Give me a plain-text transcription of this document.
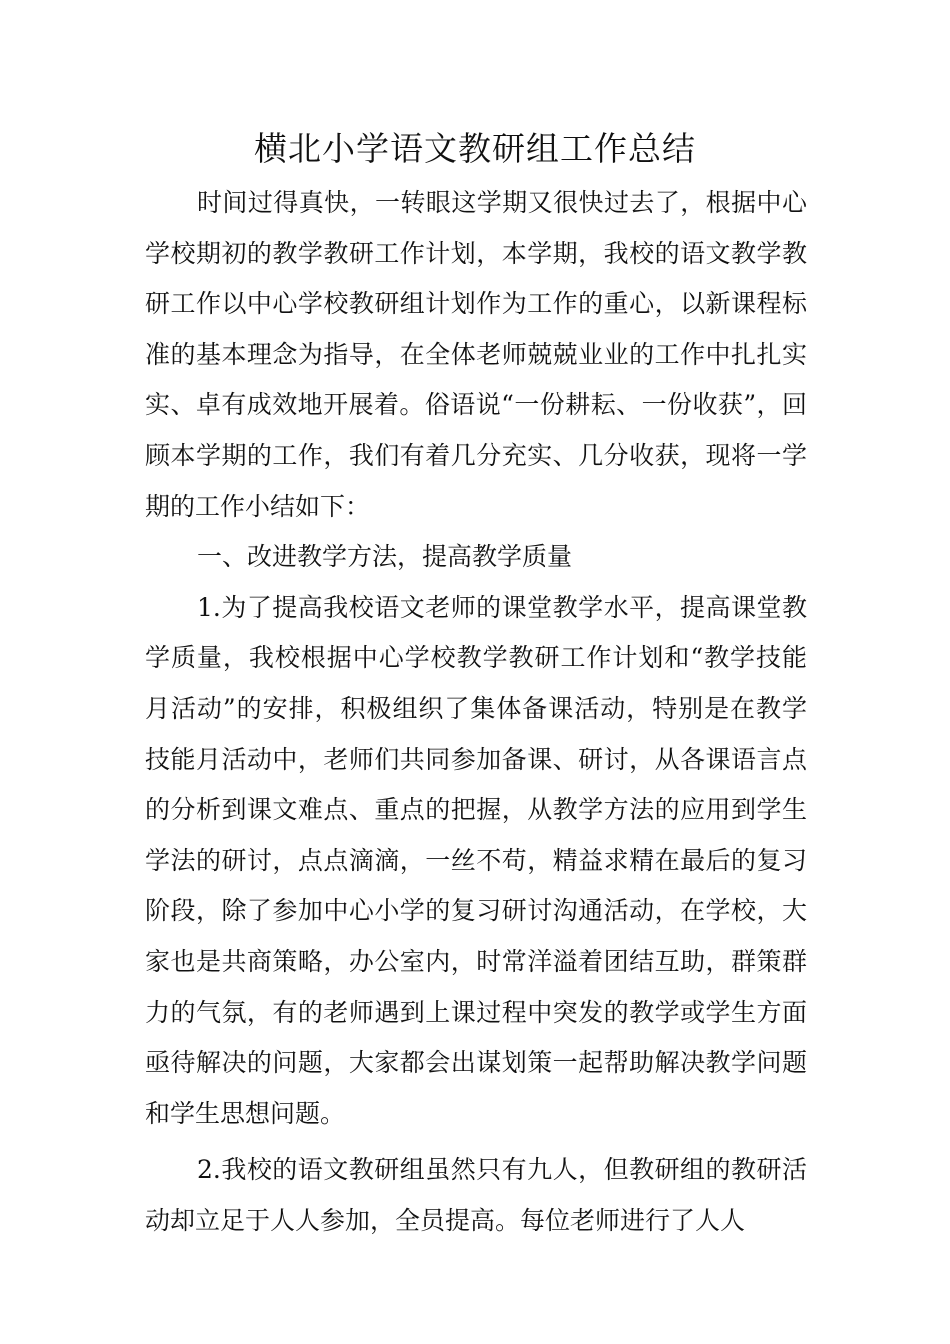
横北小学语文教研组工作总结

时间过得真快，一转眼这学期又很快过去了，根据中心学校期初的教学教研工作计划，本学期，我校的语文教学教研工作以中心学校教研组计划作为工作的重心，以新课程标准的基本理念为指导，在全体老师兢兢业业的工作中扎扎实实、卓有成效地开展着。俗语说“一份耕耘、一份收获”，回顾本学期的工作，我们有着几分充实、几分收获，现将一学期的工作小结如下：

一、改进教学方法，提高教学质量

1.为了提高我校语文老师的课堂教学水平，提高课堂教学质量，我校根据中心学校教学教研工作计划和“教学技能月活动”的安排，积极组织了集体备课活动，特别是在教学技能月活动中，老师们共同参加备课、研讨，从各课语言点的分析到课文难点、重点的把握，从教学方法的应用到学生学法的研讨，点点滴滴，一丝不苟，精益求精在最后的复习阶段，除了参加中心小学的复习研讨沟通活动，在学校，大家也是共商策略，办公室内，时常洋溢着团结互助，群策群力的气氛，有的老师遇到上课过程中突发的教学或学生方面亟待解决的问题，大家都会出谋划策一起帮助解决教学问题和学生思想问题。

2.我校的语文教研组虽然只有九人，但教研组的教研活动却立足于人人参加，全员提高。每位老师进行了人人
